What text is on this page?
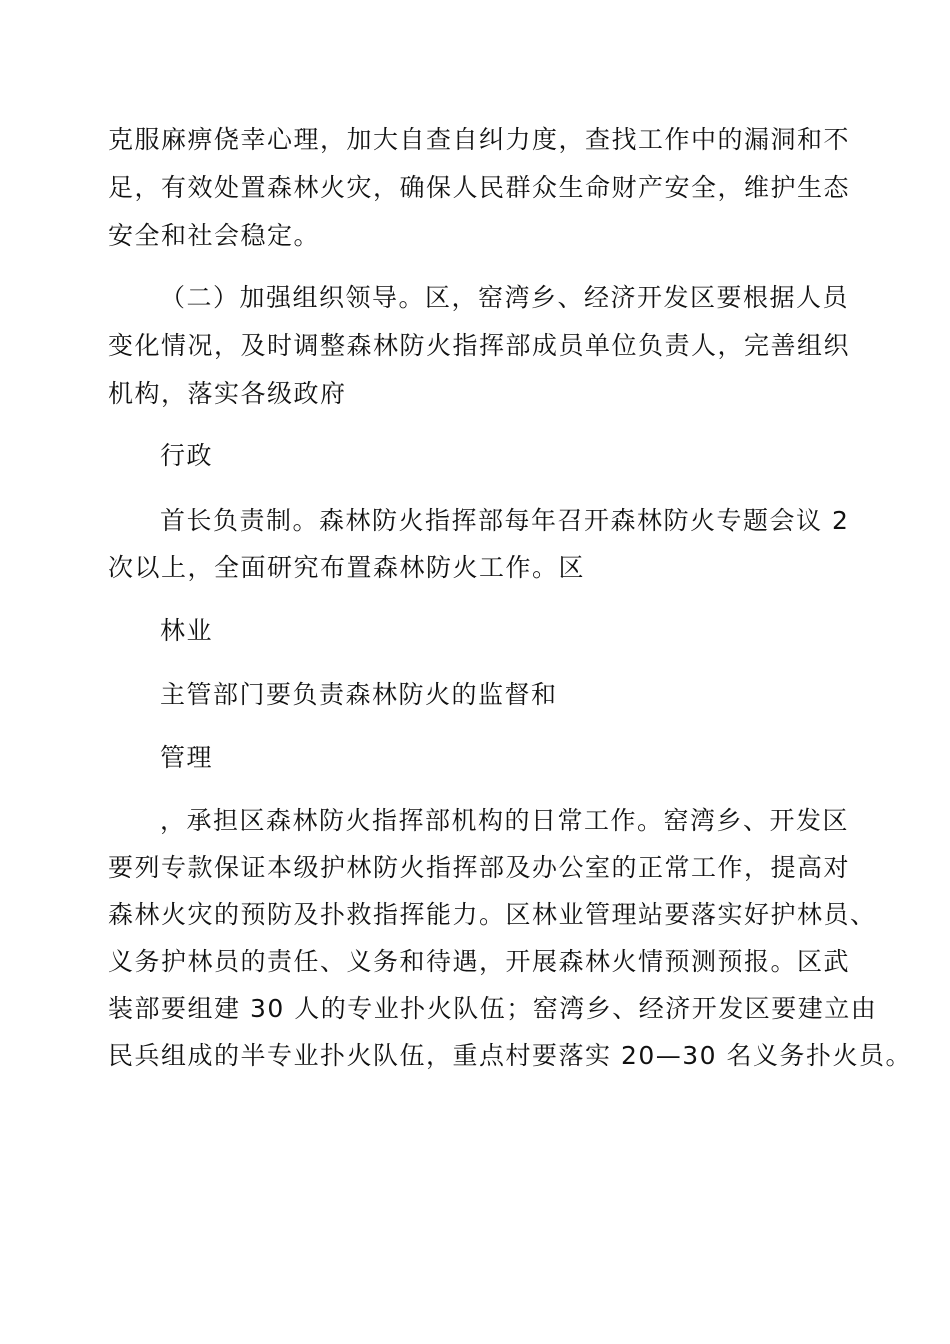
克服麻痹侥幸心理，加大自查自纠力度，查找工作中的漏洞和不
足，有效处置森林火灾，确保人民群众生命财产安全，维护生态
安全和社会稳定。
（二）加强组织领导。区，窑湾乡、经济开发区要根据人员
变化情况，及时调整森林防火指挥部成员单位负责人，完善组织
机构，落实各级政府
行政
首长负责制。森林防火指挥部每年召开森林防火专题会议 2
次以上，全面研究布置森林防火工作。区
林业
主管部门要负责森林防火的监督和
管理
，承担区森林防火指挥部机构的日常工作。窑湾乡、开发区
要列专款保证本级护林防火指挥部及办公室的正常工作，提高对
森林火灾的预防及扑救指挥能力。区林业管理站要落实好护林员、
义务护林员的责任、义务和待遇，开展森林火情预测预报。区武
装部要组建 30 人的专业扑火队伍；窑湾乡、经济开发区要建立由
民兵组成的半专业扑火队伍，重点村要落实 20—30 名义务扑火员。
